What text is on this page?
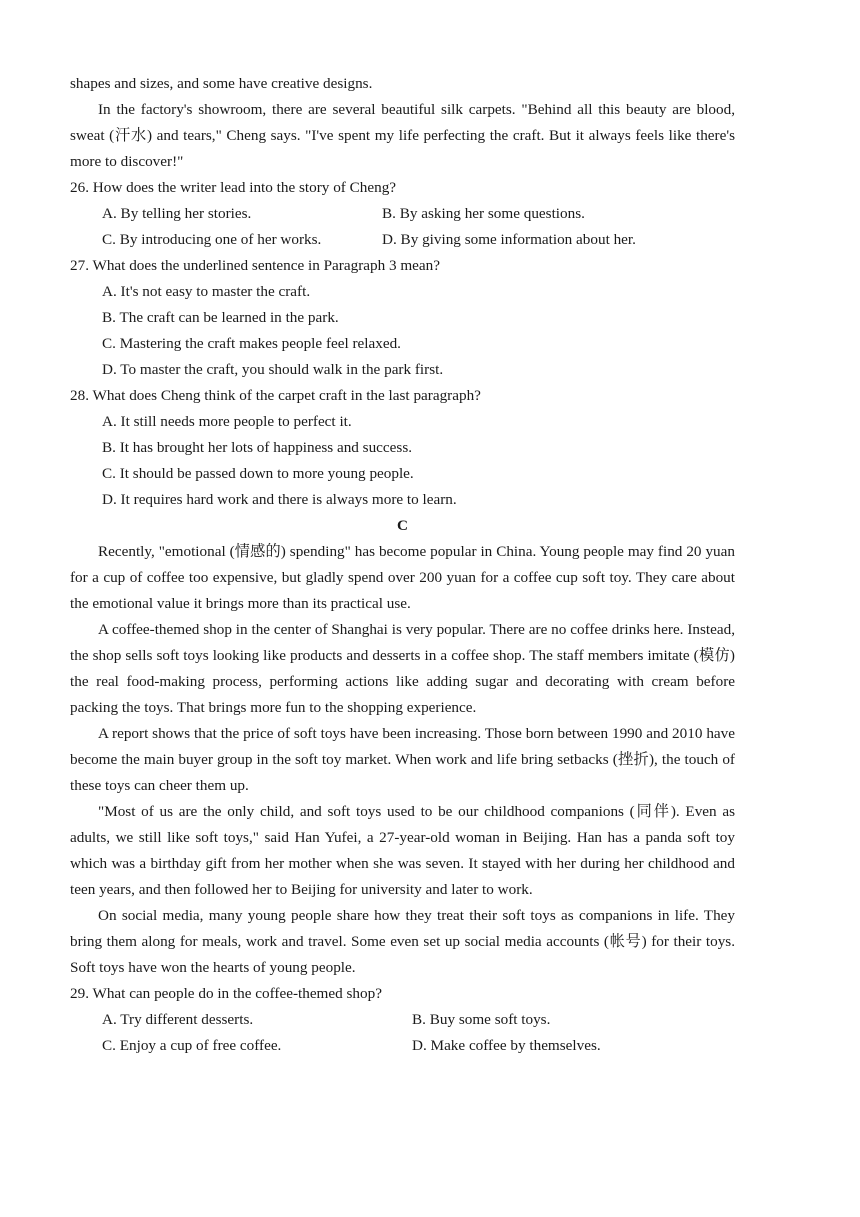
shapes and sizes, and some have creative designs.

In the factory's showroom, there are several beautiful silk carpets. "Behind all this beauty are blood, sweat (汗水) and tears," Cheng says. "I've spent my life perfecting the craft. But it always feels like there's more to discover!"

26. How does the writer lead into the story of Cheng?

A. By telling her stories.	B. By asking her some questions.
C. By introducing one of her works.	D. By giving some information about her.

27. What does the underlined sentence in Paragraph 3 mean?

A. It's not easy to master the craft.

B. The craft can be learned in the park.

C. Mastering the craft makes people feel relaxed.

D. To master the craft, you should walk in the park first.

28. What does Cheng think of the carpet craft in the last paragraph?

A. It still needs more people to perfect it.

B. It has brought her lots of happiness and success.

C. It should be passed down to more young people.

D. It requires hard work and there is always more to learn.

C

Recently, "emotional (情感的) spending" has become popular in China. Young people may find 20 yuan for a cup of coffee too expensive, but gladly spend over 200 yuan for a coffee cup soft toy. They care about the emotional value it brings more than its practical use.

A coffee-themed shop in the center of Shanghai is very popular. There are no coffee drinks here. Instead, the shop sells soft toys looking like products and desserts in a coffee shop. The staff members imitate (模仿) the real food-making process, performing actions like adding sugar and decorating with cream before packing the toys. That brings more fun to the shopping experience.

A report shows that the price of soft toys have been increasing. Those born between 1990 and 2010 have become the main buyer group in the soft toy market. When work and life bring setbacks (挫折), the touch of these toys can cheer them up.

"Most of us are the only child, and soft toys used to be our childhood companions (同伴). Even as adults, we still like soft toys," said Han Yufei, a 27-year-old woman in Beijing. Han has a panda soft toy which was a birthday gift from her mother when she was seven. It stayed with her during her childhood and teen years, and then followed her to Beijing for university and later to work.

On social media, many young people share how they treat their soft toys as companions in life. They bring them along for meals, work and travel. Some even set up social media accounts (帐号) for their toys. Soft toys have won the hearts of young people.

29. What can people do in the coffee-themed shop?

A. Try different desserts.	B. Buy some soft toys.
C. Enjoy a cup of free coffee.	D. Make coffee by themselves.
